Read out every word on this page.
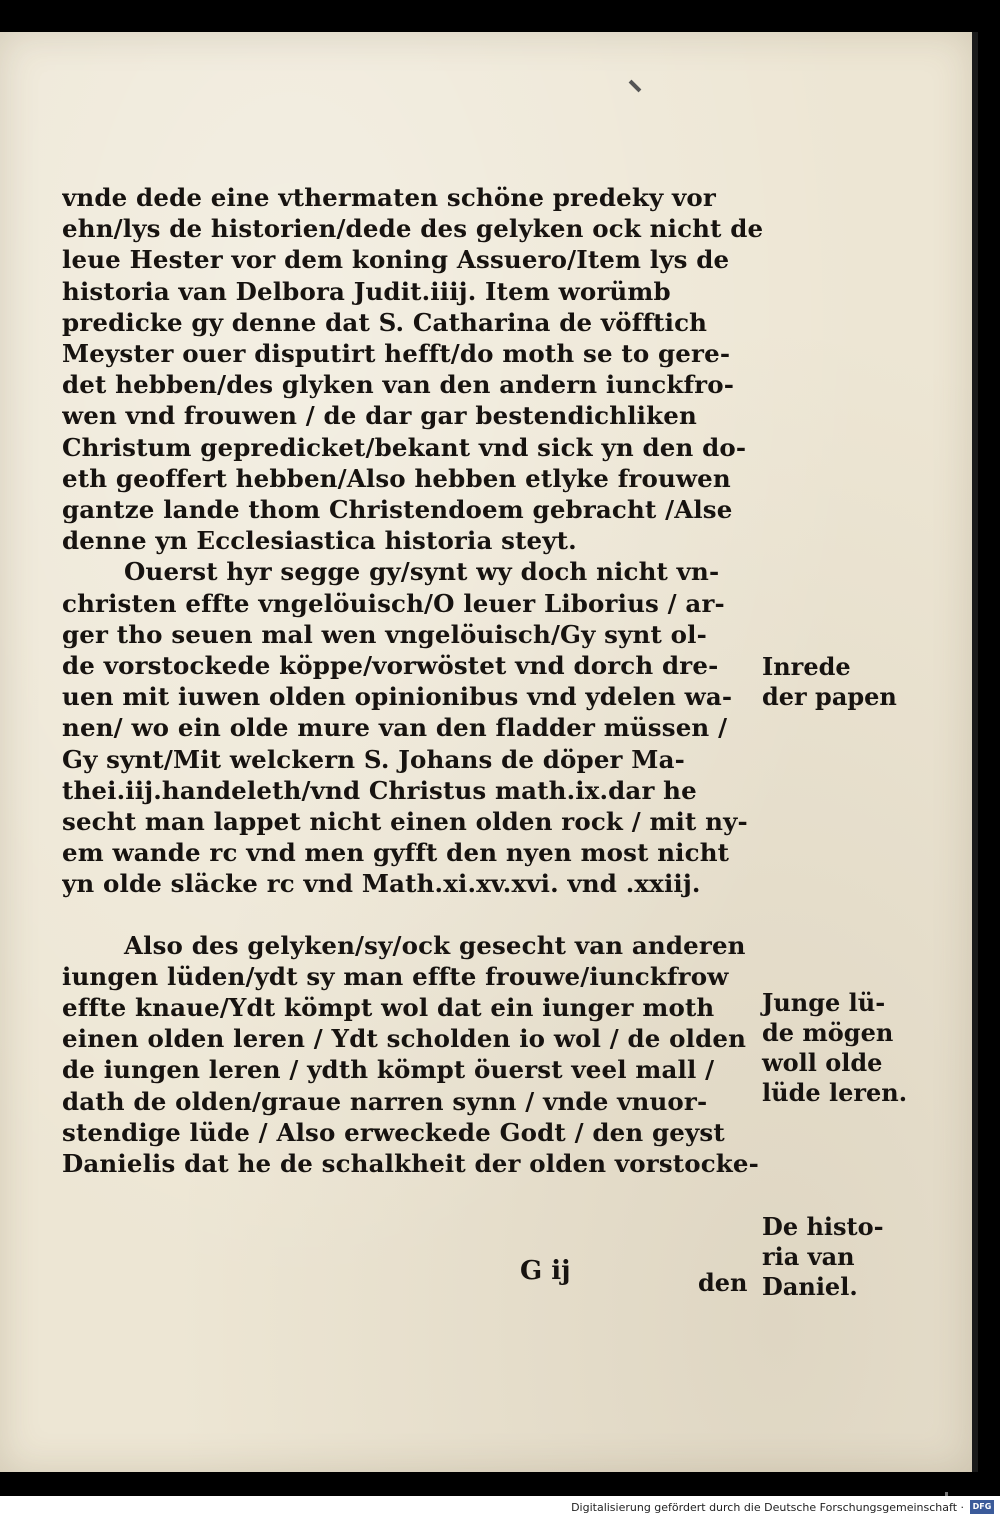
vnde dede eine vthermaten schöne predeky vor
ehn/lys de historien/dede des gelyken ock nicht de
leue Hester vor dem koning Assuero/Item lys de
historia van Delbora Judit.iiij. Item worümb
predicke gy denne dat S. Catharina de vöfftich
Meyster ouer disputirt hefft/do moth se to gere-
det hebben/des glyken van den andern iunckfro-
wen vnd frouwen / de dar gar bestendichliken
Christum gepredicket/bekant vnd sick yn den do-
eth geoffert hebben/Also hebben etlyke frouwen
gantze lande thom Christendoem gebracht /Alse
denne yn Ecclesiastica historia steyt.
Ouerst hyr segge gy/synt wy doch nicht vn-
christen effte vngelöuisch/O leuer Liborius / ar-
ger tho seuen mal wen vngelöuisch/Gy synt ol-
de vorstockede köppe/vorwöstet vnd dorch dre-
uen mit iuwen olden opinionibus vnd ydelen wa-
nen/ wo ein olde mure van den fladder müssen /
Gy synt/Mit welckern S. Johans de döper Ma-
thei.iij.handeleth/vnd Christus math.ix.dar he
secht man lappet nicht einen olden rock / mit ny-
em wande rc vnd men gyfft den nyen most nicht
yn olde släcke rc vnd Math.xi.xv.xvi. vnd .xxiij.
Also des gelyken/sy/ock gesecht van anderen
iungen lüden/ydt sy man effte frouwe/iunckfrow
effte knaue/Ydt kömpt wol dat ein iunger moth
einen olden leren / Ydt scholden io wol / de olden
de iungen leren / ydth kömpt öuerst veel mall /
dath de olden/graue narren synn / vnde vnuor-
stendige lüde / Also erweckede Godt / den geyst
Danielis dat he de schalkheit der olden vorstocke-
G ij	den
Inrede
der papen
Junge lü-
de mögen
woll olde
lüde leren.
De histo-
ria van
Daniel.
Digitalisierung gefördert durch die Deutsche Forschungsgemeinschaft ·	DFG
